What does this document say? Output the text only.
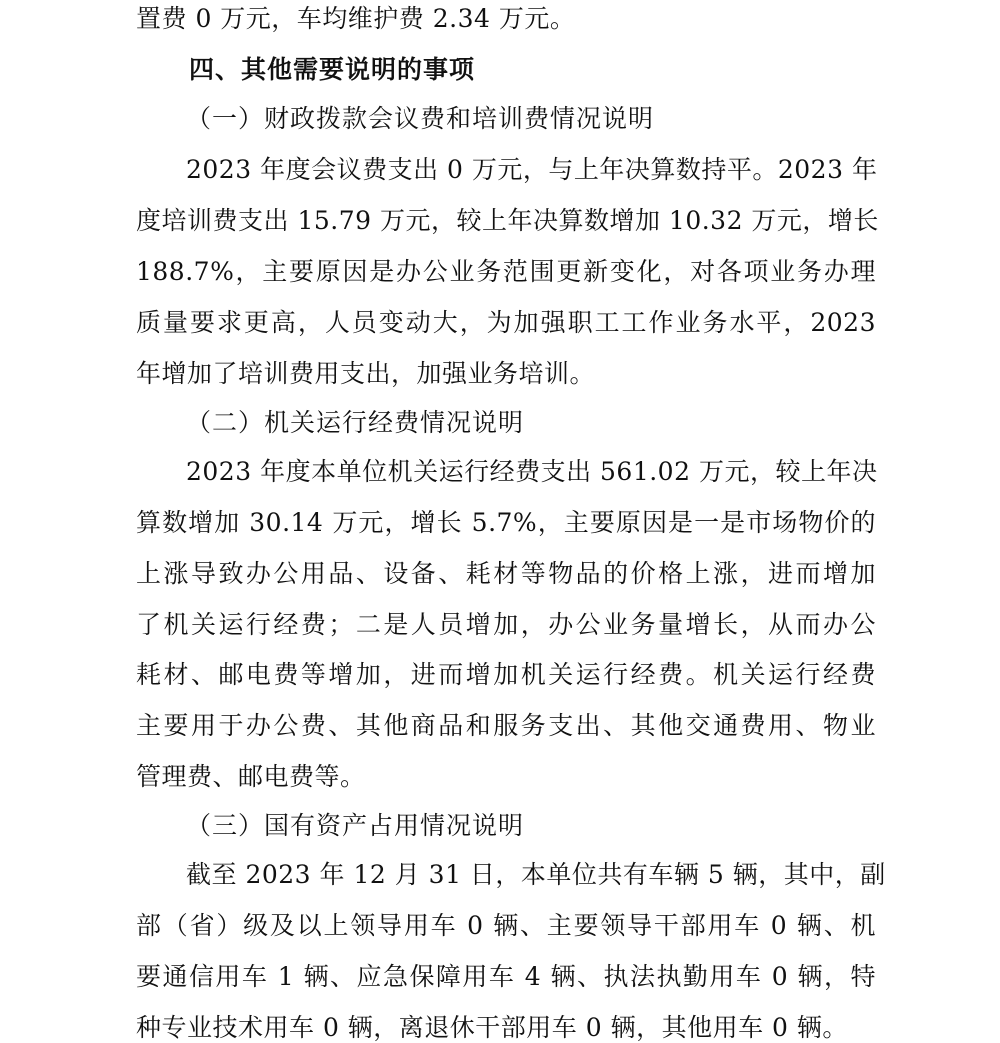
置费 0 万元，车均维护费 2.34 万元。
四、其他需要说明的事项
（一）财政拨款会议费和培训费情况说明
2023 年度会议费支出 0 万元，与上年决算数持平。2023 年
度培训费支出 15.79 万元，较上年决算数增加 10.32 万元，增长
188.7%，主要原因是办公业务范围更新变化，对各项业务办理
质量要求更高，人员变动大，为加强职工工作业务水平，2023
年增加了培训费用支出，加强业务培训。
（二）机关运行经费情况说明
2023 年度本单位机关运行经费支出 561.02 万元，较上年决
算数增加 30.14 万元，增长 5.7%，主要原因是一是市场物价的
上涨导致办公用品、设备、耗材等物品的价格上涨，进而增加
了机关运行经费；二是人员增加，办公业务量增长，从而办公
耗材、邮电费等增加，进而增加机关运行经费。机关运行经费
主要用于办公费、其他商品和服务支出、其他交通费用、物业
管理费、邮电费等。
（三）国有资产占用情况说明
截至 2023 年 12 月 31 日，本单位共有车辆 5 辆，其中，副
部（省）级及以上领导用车 0 辆、主要领导干部用车 0 辆、机
要通信用车 1 辆、应急保障用车 4 辆、执法执勤用车 0 辆，特
种专业技术用车 0 辆，离退休干部用车 0 辆，其他用车 0 辆。
